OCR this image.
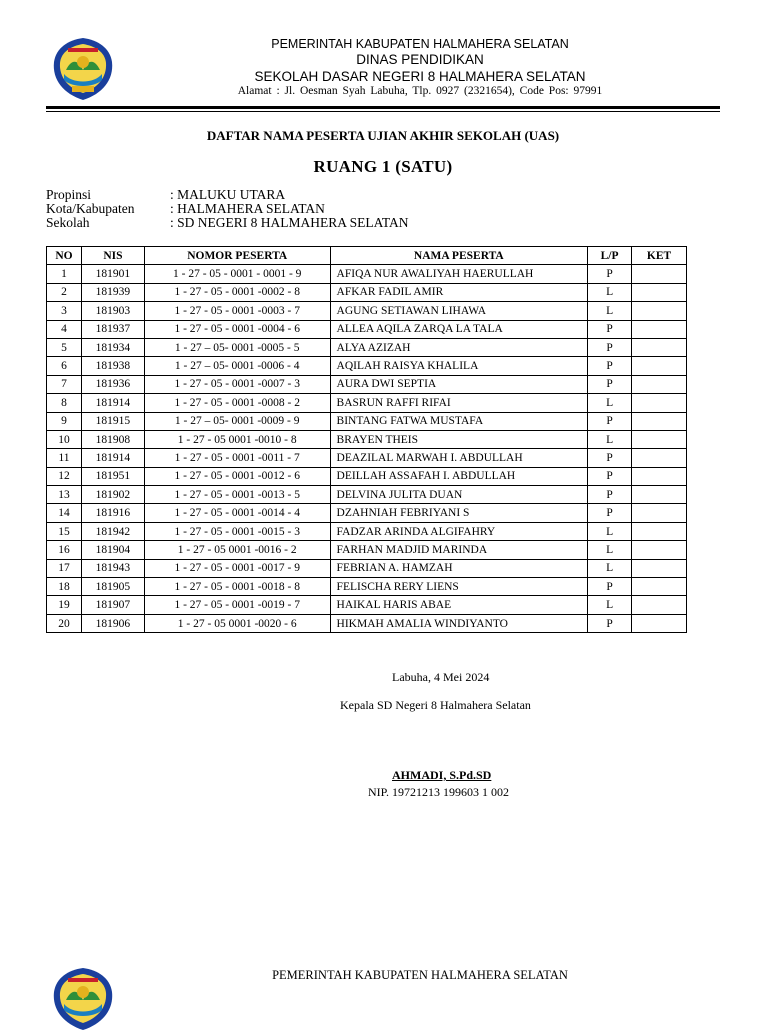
PEMERINTAH KABUPATEN HALMAHERA SELATAN
DINAS PENDIDIKAN
SEKOLAH DASAR NEGERI 8 HALMAHERA SELATAN
Alamat : Jl. Oesman Syah Labuha, Tlp. 0927 (2321654), Code Pos: 97991
DAFTAR NAMA PESERTA UJIAN AKHIR SEKOLAH (UAS)
RUANG 1 (SATU)
Propinsi	: MALUKU UTARA
Kota/Kabupaten	: HALMAHERA SELATAN
Sekolah	: SD NEGERI 8 HALMAHERA SELATAN
NO	NIS	NOMOR PESERTA	NAMA PESERTA	L/P	KET
1	181901	1 - 27 - 05 - 0001 - 0001 - 9	AFIQA NUR AWALIYAH HAERULLAH	P	
2	181939	1 - 27 - 05 - 0001 -0002 - 8	AFKAR FADIL AMIR	L	
3	181903	1 - 27 - 05 - 0001 -0003 - 7	AGUNG SETIAWAN LIHAWA	L	
4	181937	1 - 27 - 05 - 0001 -0004 - 6	ALLEA AQILA ZARQA LA TALA	P	
5	181934	1 - 27 – 05- 0001 -0005 - 5	ALYA AZIZAH	P	
6	181938	1 - 27 – 05- 0001 -0006 - 4	AQILAH RAISYA KHALILA	P	
7	181936	1 - 27 - 05 - 0001 -0007 - 3	AURA DWI SEPTIA	P	
8	181914	1 - 27 - 05 - 0001 -0008 - 2	BASRUN RAFFI RIFAI	L	
9	181915	1 - 27 – 05- 0001 -0009 - 9	BINTANG FATWA MUSTAFA	P	
10	181908	1 - 27 - 05 0001 -0010 - 8	BRAYEN THEIS	L	
11	181914	1 - 27 - 05 - 0001 -0011 - 7	DEAZILAL MARWAH I. ABDULLAH	P	
12	181951	1 - 27 - 05 - 0001 -0012 - 6	DEILLAH ASSAFAH I. ABDULLAH	P	
13	181902	1 - 27 - 05 - 0001 -0013 - 5	DELVINA JULITA DUAN	P	
14	181916	1 - 27 - 05 - 0001 -0014 - 4	DZAHNIAH FEBRIYANI S	P	
15	181942	1 - 27 - 05 - 0001 -0015 - 3	FADZAR ARINDA ALGIFAHRY	L	
16	181904	1 - 27 - 05 0001 -0016 - 2	FARHAN MADJID MARINDA	L	
17	181943	1 - 27 - 05 - 0001 -0017 - 9	FEBRIAN A. HAMZAH	L	
18	181905	1 - 27 - 05 - 0001 -0018 - 8	FELISCHA RERY LIENS	P	
19	181907	1 - 27 - 05 - 0001 -0019 - 7	HAIKAL HARIS ABAE	L	
20	181906	1 - 27 - 05 0001 -0020 - 6	HIKMAH AMALIA WINDIYANTO	P	
Labuha, 4 Mei 2024
Kepala SD Negeri 8 Halmahera Selatan
AHMADI, S.Pd.SD
NIP. 19721213 199603 1 002
PEMERINTAH KABUPATEN HALMAHERA SELATAN
